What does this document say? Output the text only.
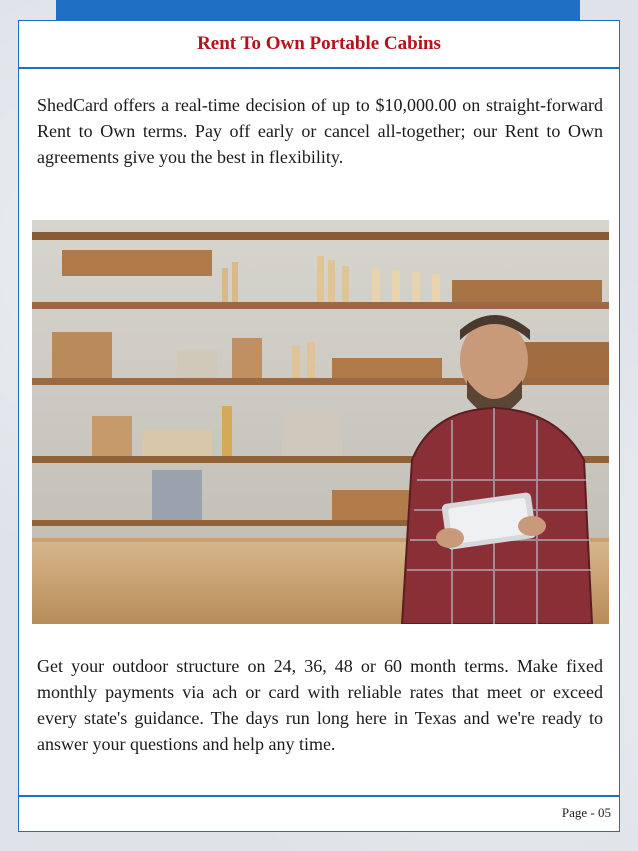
Rent To Own Portable Cabins

ShedCard offers a real-time decision of up to $10,000.00 on straight-forward Rent to Own terms. Pay off early or cancel all-together; our Rent to Own agreements give you the best in flexibility.

Get your outdoor structure on 24, 36, 48 or 60 month terms. Make fixed monthly payments via ach or card with reliable rates that meet or exceed every state's guidance. The days run long here in Texas and we're ready to answer your questions and help any time.

Page - 05
